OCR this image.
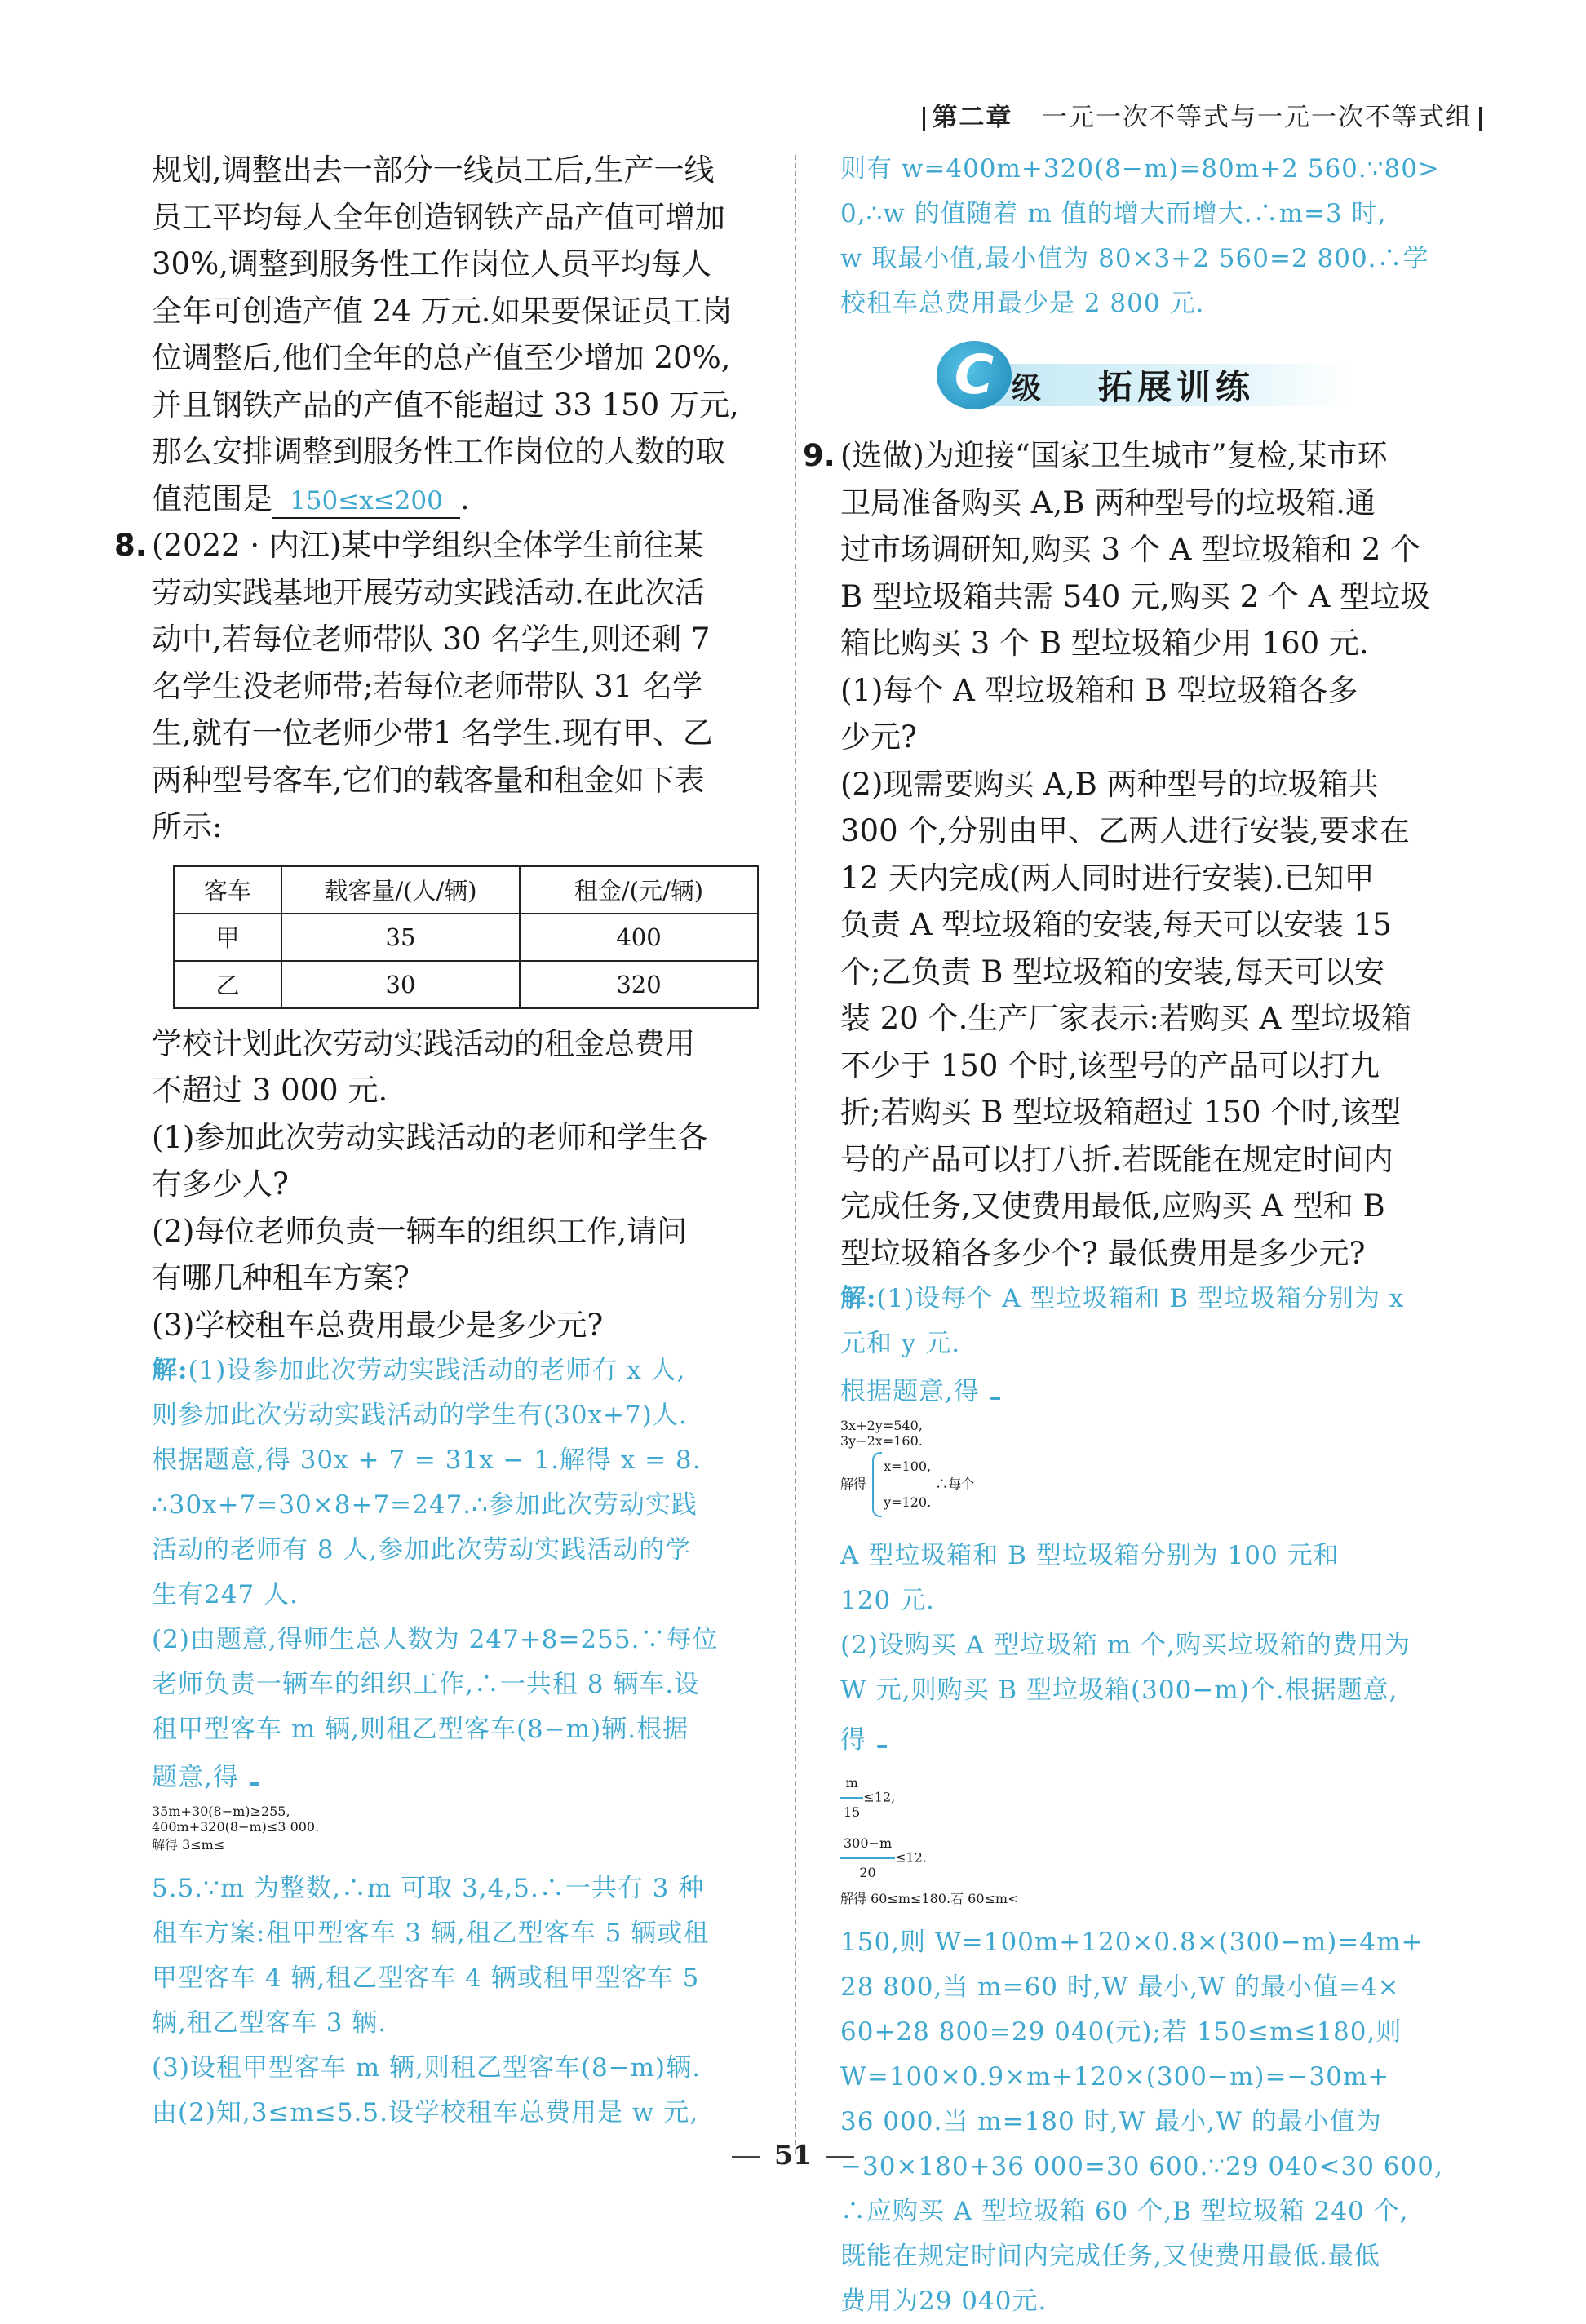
第二章 一元一次不等式与一元一次不等式组

规划,调整出去一部分一线员工后,生产一线

员工平均每人全年创造钢铁产品产值可增加

30%,调整到服务性工作岗位人员平均每人

全年可创造产值 24 万元.如果要保证员工岗

位调整后,他们全年的总产值至少增加 20%,

并且钢铁产品的产值不能超过 33 150 万元,

那么安排调整到服务性工作岗位的人数的取

值范围是 150≤x≤200 .

8. (2022 · 内江)某中学组织全体学生前往某

劳动实践基地开展劳动实践活动.在此次活

动中,若每位老师带队 30 名学生,则还剩 7

名学生没老师带;若每位老师带队 31 名学

生,就有一位老师少带1 名学生.现有甲、乙

两种型号客车,它们的载客量和租金如下表

所示:

客车	载客量/(人/辆)	租金/(元/辆)
甲	35	400
乙	30	320

学校计划此次劳动实践活动的租金总费用

不超过 3 000 元.

(1)参加此次劳动实践活动的老师和学生各

有多少人?

(2)每位老师负责一辆车的组织工作,请问

有哪几种租车方案?

(3)学校租车总费用最少是多少元?

解:(1)设参加此次劳动实践活动的老师有 x 人,

则参加此次劳动实践活动的学生有(30x+7)人.

根据题意,得 30x + 7 = 31x − 1.解得 x = 8.

∴30x+7=30×8+7=247.∴参加此次劳动实践

活动的老师有 8 人,参加此次劳动实践活动的学

生有247 人.

(2)由题意,得师生总人数为 247+8=255.∵每位

老师负责一辆车的组织工作,∴一共租 8 辆车.设

租甲型客车 m 辆,则租乙型客车(8−m)辆.根据

题意,得

35m+30(8−m)≥255,
400m+320(8−m)≤3 000.
解得 3≤m≤

5.5.∵m 为整数,∴m 可取 3,4,5.∴一共有 3 种

租车方案:租甲型客车 3 辆,租乙型客车 5 辆或租

甲型客车 4 辆,租乙型客车 4 辆或租甲型客车 5

辆,租乙型客车 3 辆.

(3)设租甲型客车 m 辆,则租乙型客车(8−m)辆.

由(2)知,3≤m≤5.5.设学校租车总费用是 w 元,

则有 w=400m+320(8−m)=80m+2 560.∵80>

0,∴w 的值随着 m 值的增大而增大.∴m=3 时,

w 取最小值,最小值为 80×3+2 560=2 800.∴学

校租车总费用最少是 2 800 元.

C 级 拓展训练
9. (选做)为迎接“国家卫生城市”复检,某市环

卫局准备购买 A,B 两种型号的垃圾箱.通

过市场调研知,购买 3 个 A 型垃圾箱和 2 个

B 型垃圾箱共需 540 元,购买 2 个 A 型垃圾

箱比购买 3 个 B 型垃圾箱少用 160 元.

(1)每个 A 型垃圾箱和 B 型垃圾箱各多

少元?

(2)现需要购买 A,B 两种型号的垃圾箱共

300 个,分别由甲、乙两人进行安装,要求在

12 天内完成(两人同时进行安装).已知甲

负责 A 型垃圾箱的安装,每天可以安装 15

个;乙负责 B 型垃圾箱的安装,每天可以安

装 20 个.生产厂家表示:若购买 A 型垃圾箱

不少于 150 个时,该型号的产品可以打九

折;若购买 B 型垃圾箱超过 150 个时,该型

号的产品可以打八折.若既能在规定时间内

完成任务,又使费用最低,应购买 A 型和 B

型垃圾箱各多少个? 最低费用是多少元?

解:(1)设每个 A 型垃圾箱和 B 型垃圾箱分别为 x

元和 y 元.

根据题意,得

3x+2y=540,
3y−2x=160.
解得
x=100,
y=120.
∴每个

A 型垃圾箱和 B 型垃圾箱分别为 100 元和

120 元.

(2)设购买 A 型垃圾箱 m 个,购买垃圾箱的费用为

W 元,则购买 B 型垃圾箱(300−m)个.根据题意,

得

$\frac{m}{15} \le 12$,
$\frac{300-m}{20} \le 12$.
解得 60≤m≤180.若 60≤m<

150,则 W=100m+120×0.8×(300−m)=4m+

28 800,当 m=60 时,W 最小,W 的最小值=4×

60+28 800=29 040(元);若 150≤m≤180,则

W=100×0.9×m+120×(300−m)=−30m+

36 000.当 m=180 时,W 最小,W 的最小值为

−30×180+36 000=30 600.∵29 040<30 600,

∴应购买 A 型垃圾箱 60 个,B 型垃圾箱 240 个,

既能在规定时间内完成任务,又使费用最低.最低

费用为29 040元.

51
